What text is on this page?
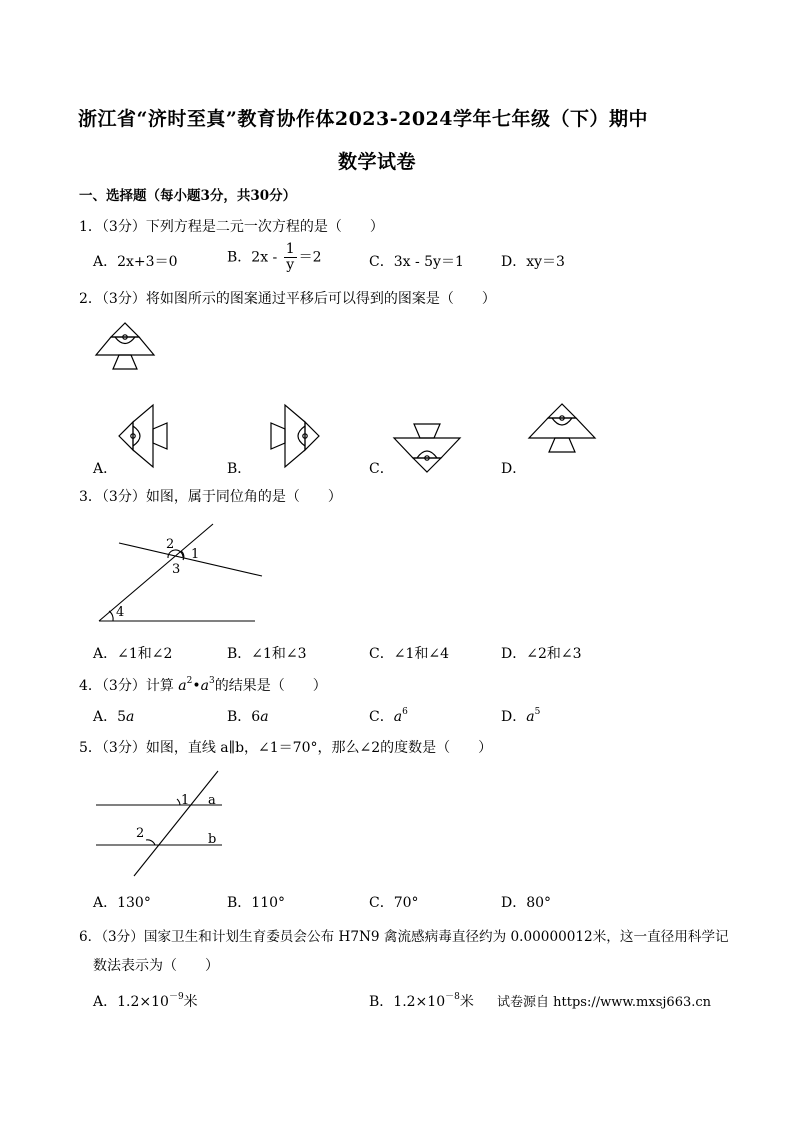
浙江省“济时至真”教育协作体2023-2024学年七年级（下）期中
数学试卷
一、选择题（每小题3分，共30分）
1．（3分）下列方程是二元一次方程的是（　　）
A．2x+3＝0	B．$2x - \frac{1}{y} =2$	C．3x - 5y＝1	D．xy＝3
2．（3分）将如图所示的图案通过平移后可以得到的图案是（　　）
A．	B．	C．	D．
3．（3分）如图，属于同位角的是（　　）
2
1
3
4
A．∠1和∠2	B．∠1和∠3	C．∠1和∠4	D．∠2和∠3
4．（3分）计算 $a^2•a^3$的结果是（　　）
A．5a	B．6a	C．$a^6$	D．$a^5$
5．（3分）如图，直线 a∥b，∠1＝70°，那么∠2的度数是（　　）
1 a
2	b
A．130°	B．110°	C．70°	D．80°
6．（3分）国家卫生和计划生育委员会公布 H7N9 禽流感病毒直径约为 0.00000012米，这一直径用科学记
数法表示为（　　）
A．$1.2\times 10^{-9}$米	B．$1.2\times 10^{-8}$米 试卷源自 https://www.mxsj663.cn
